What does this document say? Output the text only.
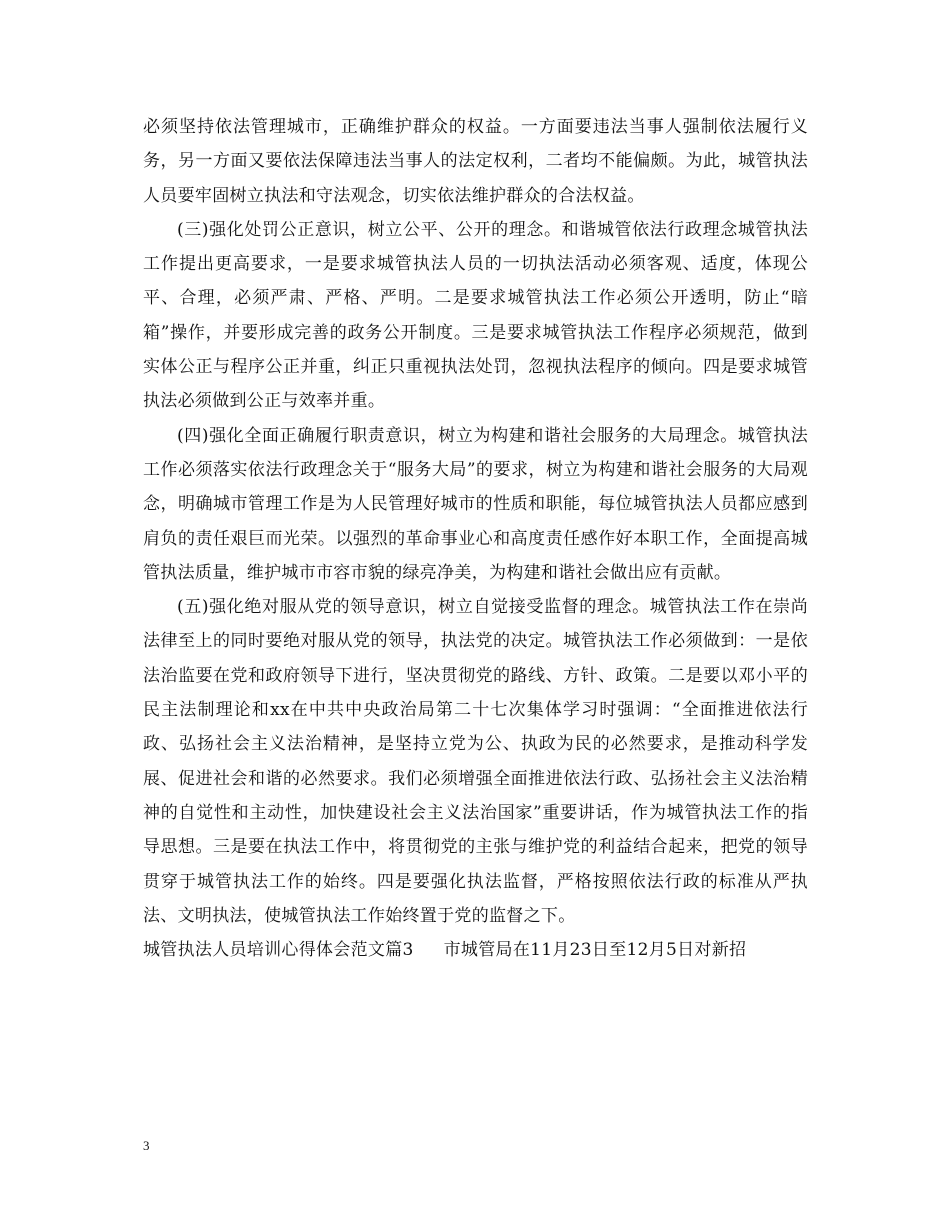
必须坚持依法管理城市，正确维护群众的权益。一方面要违法当事人强制依法履行义务，另一方面又要依法保障违法当事人的法定权利，二者均不能偏颇。为此，城管执法人员要牢固树立执法和守法观念，切实依法维护群众的合法权益。

(三)强化处罚公正意识，树立公平、公开的理念。和谐城管依法行政理念城管执法工作提出更高要求，一是要求城管执法人员的一切执法活动必须客观、适度，体现公平、合理，必须严肃、严格、严明。二是要求城管执法工作必须公开透明，防止“暗箱”操作，并要形成完善的政务公开制度。三是要求城管执法工作程序必须规范，做到实体公正与程序公正并重，纠正只重视执法处罚，忽视执法程序的倾向。四是要求城管执法必须做到公正与效率并重。

(四)强化全面正确履行职责意识，树立为构建和谐社会服务的大局理念。城管执法工作必须落实依法行政理念关于“服务大局”的要求，树立为构建和谐社会服务的大局观念，明确城市管理工作是为人民管理好城市的性质和职能，每位城管执法人员都应感到肩负的责任艰巨而光荣。以强烈的革命事业心和高度责任感作好本职工作，全面提高城管执法质量，维护城市市容市貌的绿亮净美，为构建和谐社会做出应有贡献。

(五)强化绝对服从党的领导意识，树立自觉接受监督的理念。城管执法工作在崇尚法律至上的同时要绝对服从党的领导，执法党的决定。城管执法工作必须做到：一是依法治监要在党和政府领导下进行，坚决贯彻党的路线、方针、政策。二是要以邓小平的民主法制理论和xx在中共中央政治局第二十七次集体学习时强调：“全面推进依法行政、弘扬社会主义法治精神，是坚持立党为公、执政为民的必然要求，是推动科学发展、促进社会和谐的必然要求。我们必须增强全面推进依法行政、弘扬社会主义法治精神的自觉性和主动性，加快建设社会主义法治国家”重要讲话，作为城管执法工作的指导思想。三是要在执法工作中，将贯彻党的主张与维护党的利益结合起来，把党的领导贯穿于城管执法工作的始终。四是要强化执法监督，严格按照依法行政的标准从严执法、文明执法，使城管执法工作始终置于党的监督之下。

城管执法人员培训心得体会范文篇3 市城管局在11月23日至12月5日对新招

3
